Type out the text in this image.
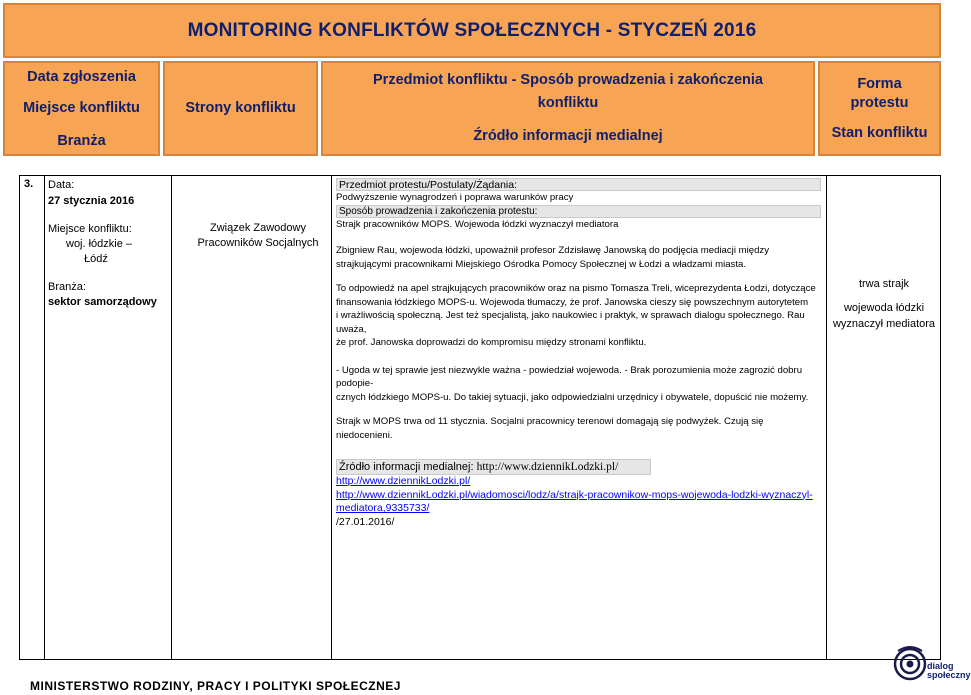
MONITORING KONFLIKTÓW SPOŁECZNYCH - STYCZEŃ 2016
Data zgłoszenia
Miejsce konfliktu
Branża
Strony konfliktu
Przedmiot konfliktu - Sposób prowadzenia i zakończenia
konfliktu
Źródło informacji medialnej
Forma
protestu
Stan konfliktu
3.	Data:
27 stycznia 2016
Miejsce konfliktu:
woj. łódzkie –
Łódź
Branża:
sektor samorządowy
Związek Zawodowy
Pracowników Socjalnych
Przedmiot protestu/Postulaty/Żądania:
Podwyższenie wynagrodzeń i poprawa warunków pracy
Sposób prowadzenia i zakończenia protestu:
Strajk pracowników MOPS. Wojewoda łódzki wyznaczył mediatora
Zbigniew Rau, wojewoda łódzki, upoważnił profesor Zdzisławę Janowską do podjęcia mediacji między
strajkującymi pracownikami Miejskiego Ośrodka Pomocy Społecznej w Łodzi a władzami miasta.
To odpowiedź na apel strajkujących pracowników oraz na pismo Tomasza Treli, wiceprezydenta Łodzi, dotyczące
finansowania łódzkiego MOPS-u. Wojewoda tłumaczy, że prof. Janowska cieszy się powszechnym autorytetem
i wrażliwością społeczną. Jest też specjalistą, jako naukowiec i praktyk, w sprawach dialogu społecznego. Rau uważa,
że prof. Janowska doprowadzi do kompromisu między stronami konfliktu.
- Ugoda w tej sprawie jest niezwykle ważna - powiedział wojewoda. - Brak porozumienia może zagrozić dobru podopie-
cznych łódzkiego MOPS-u. Do takiej sytuacji, jako odpowiedzialni urzędnicy i obywatele, dopuścić nie możemy.
Strajk w MOPS trwa od 11 stycznia. Socjalni pracownicy terenowi domagają się podwyżek. Czują się niedocenieni.
Źródło informacji medialnej: http://www.dziennikLodzki.pl/
http://www.dziennikLodzki.pl/
http://www.dziennikLodzki.pl/wiadomosci/lodz/a/strajk-pracownikow-mops-wojewoda-lodzki-wyznaczyl-
mediatora,9335733/
/27.01.2016/
trwa strajk
wojewoda łódzki
wyznaczył mediatora
MINISTERSTWO RODZINY, PRACY I POLITYKI SPOŁECZNEJ
dialog
społeczny
